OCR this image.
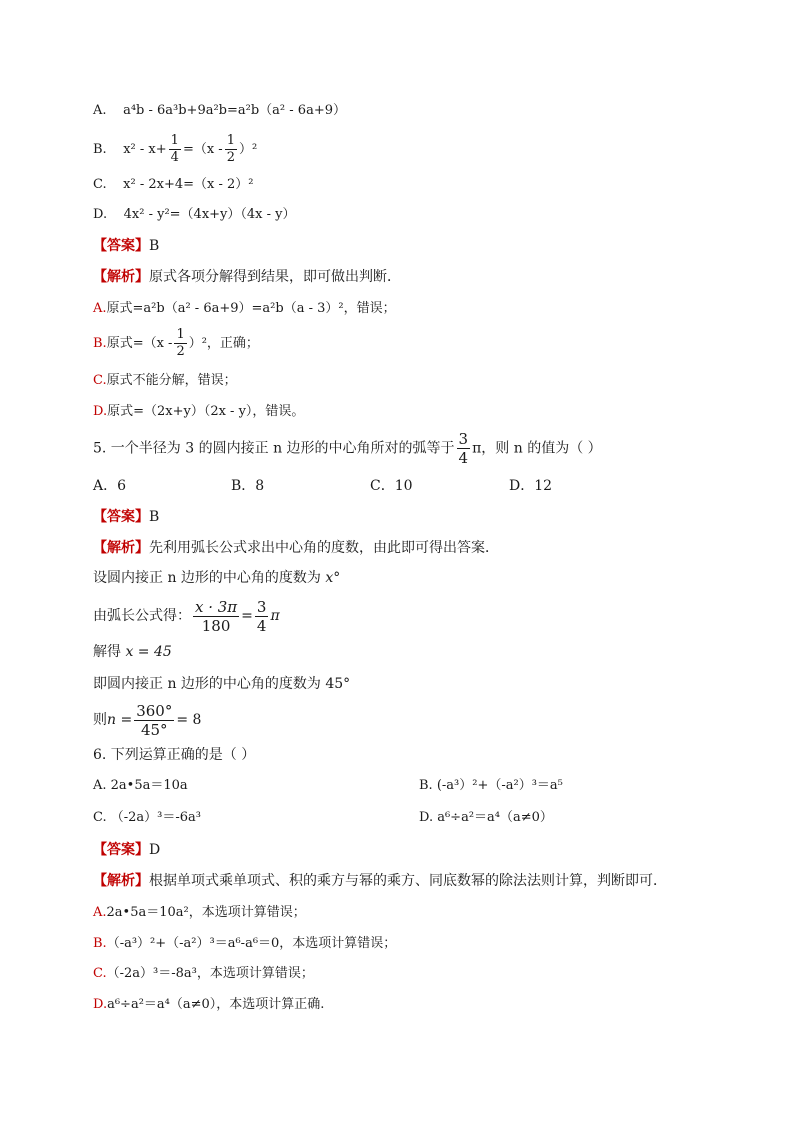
A. a⁴b - 6a³b+9a²b=a²b（a² - 6a+9）
B. $x^2 - x+ \frac{1}{4} =(x - \frac{1}{2} )^2$
C. x² - 2x+4=（x - 2）²
D. 4x² - y²=（4x+y）（4x - y）
【答案】B
【解析】原式各项分解得到结果，即可做出判断．
A.原式=a²b（a² - 6a+9）=a²b（a - 3）²，错误；
B.原式$=(x - \frac{1}{2} )^2$，正确；
C.原式不能分解，错误；
D.原式=（2x+y）（2x - y），错误。
5. 一个半径为 3 的圆内接正 n 边形的中心角所对的弧等于 $\frac{3}{4}$ π，则 n 的值为（ ）
A．6	B．8	C．10	D．12
【答案】B
【解析】先利用弧长公式求出中心角的度数，由此即可得出答案．
设圆内接正 n 边形的中心角的度数为 x°
由弧长公式得： $\frac{x \cdot 3\pi}{180} = \frac{3}{4}$ π
解得 x = 45
即圆内接正 n 边形的中心角的度数为 45°
则$n = \frac{360^\circ}{45^\circ} = 8$
6. 下列运算正确的是（ ）
A. 2a•5a＝10a	B. (-a³）²+（-a²）³＝a⁵
C. （-2a）³＝-6a³	D. a⁶÷a²＝a⁴（a≠0）
【答案】D
【解析】根据单项式乘单项式、积的乘方与幂的乘方、同底数幂的除法法则计算，判断即可．
A.2a•5a＝10a²，本选项计算错误；
B.（-a³）²+（-a²）³＝a⁶-a⁶＝0，本选项计算错误；
C.（-2a）³＝-8a³，本选项计算错误；
D.a⁶÷a²＝a⁴（a≠0），本选项计算正确.
